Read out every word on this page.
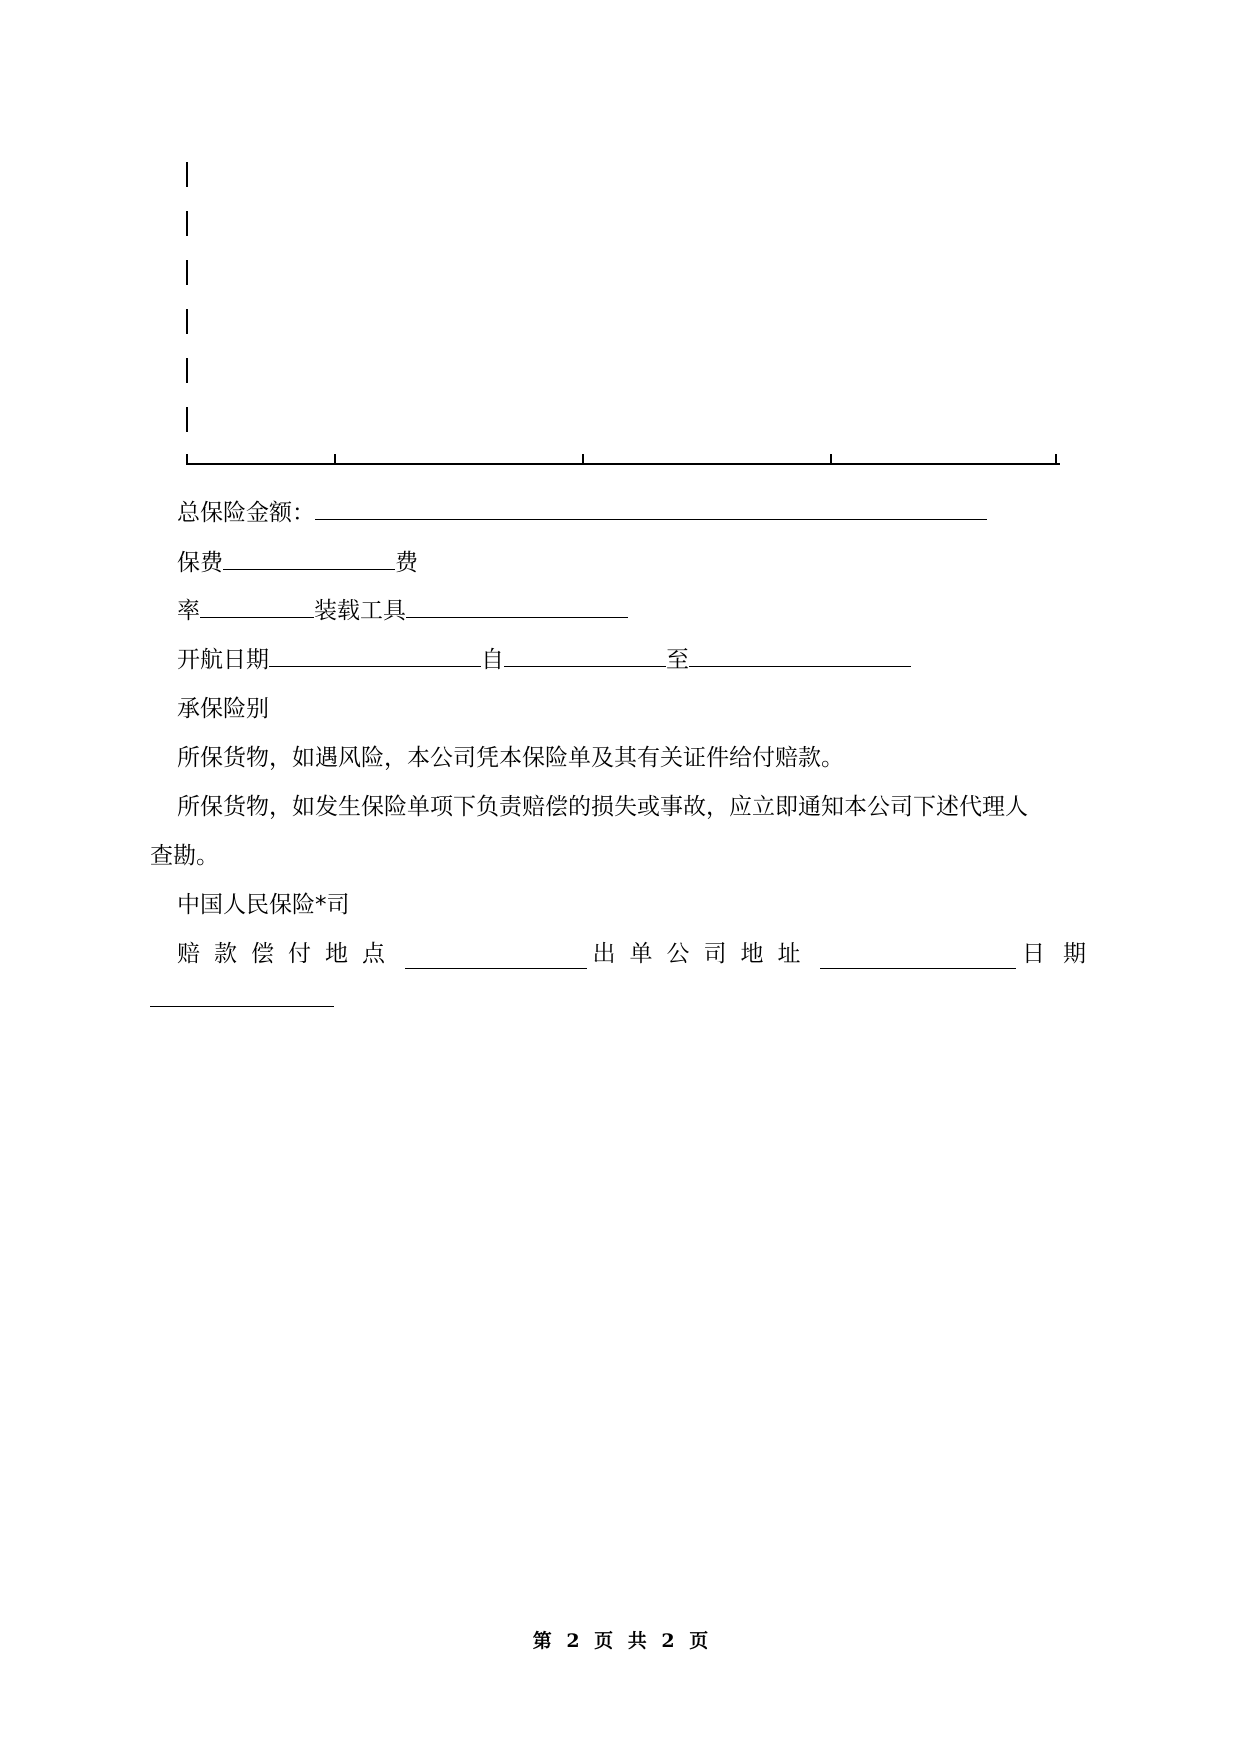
总保险金额：
保费	费
率	装载工具
开航日期	自	至
承保险别
所保货物，如遇风险，本公司凭本保险单及其有关证件给付赔款。
所保货物，如发生保险单项下负责赔偿的损失或事故，应立即通知本公司下述代理人
查勘。
中国人民保险*司
赔款偿付地点	出单公司地址	日期
第 2 页 共 2 页
